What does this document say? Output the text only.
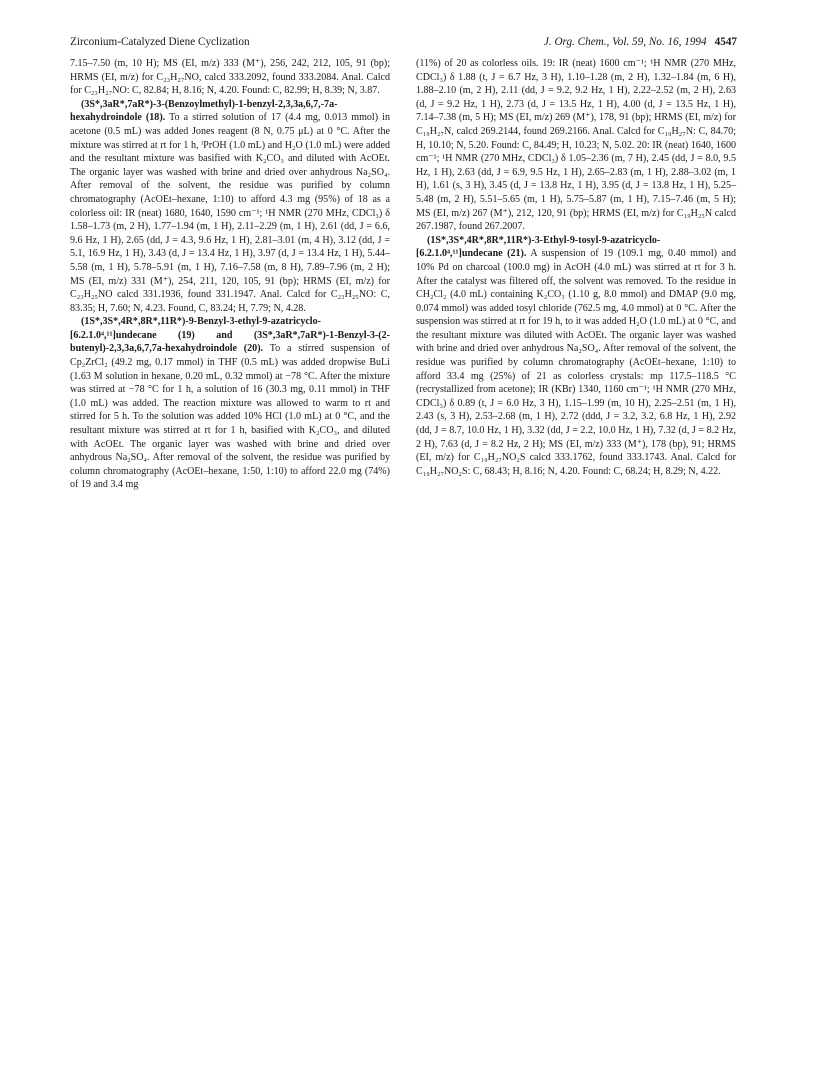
Zirconium-Catalyzed Diene Cyclization	J. Org. Chem., Vol. 59, No. 16, 1994 4547

7.15–7.50 (m, 10 H); MS (EI, m/z) 333 (M⁺), 256, 242, 212, 105, 91 (bp); HRMS (EI, m/z) for C₂₃H₂₇NO, calcd 333.2092, found 333.2084. Anal. Calcd for C₂₃H₂₇NO: C, 82.84; H, 8.16; N, 4.20. Found: C, 82.99; H, 8.39; N, 3.87.

(3S*,3aR*,7aR*)-3-(Benzoylmethyl)-1-benzyl-2,3,3a,6,7,-7a-hexahydroindole (18). To a stirred solution of 17 (4.4 mg, 0.013 mmol) in acetone (0.5 mL) was added Jones reagent (8 N, 0.75 μL) at 0 °C. After the mixture was stirred at rt for 1 h, ⁱPrOH (1.0 mL) and H₂O (1.0 mL) were added and the resultant mixture was basified with K₂CO₃ and diluted with AcOEt. The organic layer was washed with brine and dried over anhydrous Na₂SO₄. After removal of the solvent, the residue was purified by column chromatography (AcOEt–hexane, 1:10) to afford 4.3 mg (95%) of 18 as a colorless oil: IR (neat) 1680, 1640, 1590 cm⁻¹; ¹H NMR (270 MHz, CDCl₃) δ 1.58–1.73 (m, 2 H), 1.77–1.94 (m, 1 H), 2.11–2.29 (m, 1 H), 2.61 (dd, J = 6.6, 9.6 Hz, 1 H), 2.65 (dd, J = 4.3, 9.6 Hz, 1 H), 2.81–3.01 (m, 4 H), 3.12 (dd, J = 5.1, 16.9 Hz, 1 H), 3.43 (d, J = 13.4 Hz, 1 H), 3.97 (d, J = 13.4 Hz, 1 H), 5.44–5.58 (m, 1 H), 5.78–5.91 (m, 1 H), 7.16–7.58 (m, 8 H), 7.89–7.96 (m, 2 H); MS (EI, m/z) 331 (M⁺), 254, 211, 120, 105, 91 (bp); HRMS (EI, m/z) for C₂₃H₂₅NO calcd 331.1936, found 331.1947. Anal. Calcd for C₂₃H₂₅NO: C, 83.35; H, 7.60; N, 4.23. Found, C, 83.24; H, 7.79; N, 4.28.

(1S*,3S*,4R*,8R*,11R*)-9-Benzyl-3-ethyl-9-azatricyclo-[6.2.1.0⁴,¹¹]undecane (19) and (3S*,3aR*,7aR*)-1-Benzyl-3-(2-butenyl)-2,3,3a,6,7,7a-hexahydroindole (20). To a stirred suspension of Cp₂ZrCl₂ (49.2 mg, 0.17 mmol) in THF (0.5 mL) was added dropwise BuLi (1.63 M solution in hexane, 0.20 mL, 0.32 mmol) at −78 °C. After the mixture was stirred at −78 °C for 1 h, a solution of 16 (30.3 mg, 0.11 mmol) in THF (1.0 mL) was added. The reaction mixture was allowed to warm to rt and stirred for 5 h. To the solution was added 10% HCl (1.0 mL) at 0 °C, and the resultant mixture was stirred at rt for 1 h, basified with K₂CO₃, and diluted with AcOEt. The organic layer was washed with brine and dried over anhydrous Na₂SO₄. After removal of the solvent, the residue was purified by column chromatography (AcOEt–hexane, 1:50, 1:10) to afford 22.0 mg (74%) of 19 and 3.4 mg

(11%) of 20 as colorless oils. 19: IR (neat) 1600 cm⁻¹; ¹H NMR (270 MHz, CDCl₃) δ 1.88 (t, J = 6.7 Hz, 3 H), 1.10–1.28 (m, 2 H), 1.32–1.84 (m, 6 H), 1.88–2.10 (m, 2 H), 2.11 (dd, J = 9.2, 9.2 Hz, 1 H), 2.22–2.52 (m, 2 H), 2.63 (d, J = 9.2 Hz, 1 H), 2.73 (d, J = 13.5 Hz, 1 H), 4.00 (d, J = 13.5 Hz, 1 H), 7.14–7.38 (m, 5 H); MS (EI, m/z) 269 (M⁺), 178, 91 (bp); HRMS (EI, m/z) for C₁₉H₂₇N, calcd 269.2144, found 269.2166. Anal. Calcd for C₁₉H₂₇N: C, 84.70; H, 10.10; N, 5.20. Found: C, 84.49; H, 10.23; N, 5.02. 20: IR (neat) 1640, 1600 cm⁻¹; ¹H NMR (270 MHz, CDCl₃) δ 1.05–2.36 (m, 7 H), 2.45 (dd, J = 8.0, 9.5 Hz, 1 H), 2.63 (dd, J = 6.9, 9.5 Hz, 1 H), 2.65–2.83 (m, 1 H), 2.88–3.02 (m, 1 H), 1.61 (s, 3 H), 3.45 (d, J = 13.8 Hz, 1 H), 3.95 (d, J = 13.8 Hz, 1 H), 5.25–5.48 (m, 2 H), 5.51–5.65 (m, 1 H), 5.75–5.87 (m, 1 H), 7.15–7.46 (m, 5 H); MS (EI, m/z) 267 (M⁺), 212, 120, 91 (bp); HRMS (EI, m/z) for C₁₉H₂₅N calcd 267.1987, found 267.2007.

(1S*,3S*,4R*,8R*,11R*)-3-Ethyl-9-tosyl-9-azatricyclo-[6.2.1.0⁴,¹¹]undecane (21). A suspension of 19 (109.1 mg, 0.40 mmol) and 10% Pd on charcoal (100.0 mg) in AcOH (4.0 mL) was stirred at rt for 3 h. After the catalyst was filtered off, the solvent was removed. To the residue in CH₂Cl₂ (4.0 mL) containing K₂CO₃ (1.10 g, 8.0 mmol) and DMAP (9.0 mg, 0.074 mmol) was added tosyl chloride (762.5 mg, 4.0 mmol) at 0 °C. After the suspension was stirred at rt for 19 h, to it was added H₂O (1.0 mL) at 0 °C, and the resultant mixture was diluted with AcOEt. The organic layer was washed with brine and dried over anhydrous Na₂SO₄. After removal of the solvent, the residue was purified by column chromatography (AcOEt–hexane, 1:10) to afford 33.4 mg (25%) of 21 as colorless crystals: mp 117.5–118.5 °C (recrystallized from acetone); IR (KBr) 1340, 1160 cm⁻¹; ¹H NMR (270 MHz, CDCl₃) δ 0.89 (t, J = 6.0 Hz, 3 H), 1.15–1.99 (m, 10 H), 2.25–2.51 (m, 1 H), 2.43 (s, 3 H), 2.53–2.68 (m, 1 H), 2.72 (ddd, J = 3.2, 3.2, 6.8 Hz, 1 H), 2.92 (dd, J = 8.7, 10.0 Hz, 1 H), 3.32 (dd, J = 2.2, 10.0 Hz, 1 H), 7.32 (d, J = 8.2 Hz, 2 H), 7.63 (d, J = 8.2 Hz, 2 H); MS (EI, m/z) 333 (M⁺), 178 (bp), 91; HRMS (EI, m/z) for C₁₉H₂₇NO₂S calcd 333.1762, found 333.1743. Anal. Calcd for C₁₉H₂₇NO₂S: C, 68.43; H, 8.16; N, 4.20. Found: C, 68.24; H, 8.29; N, 4.22.
